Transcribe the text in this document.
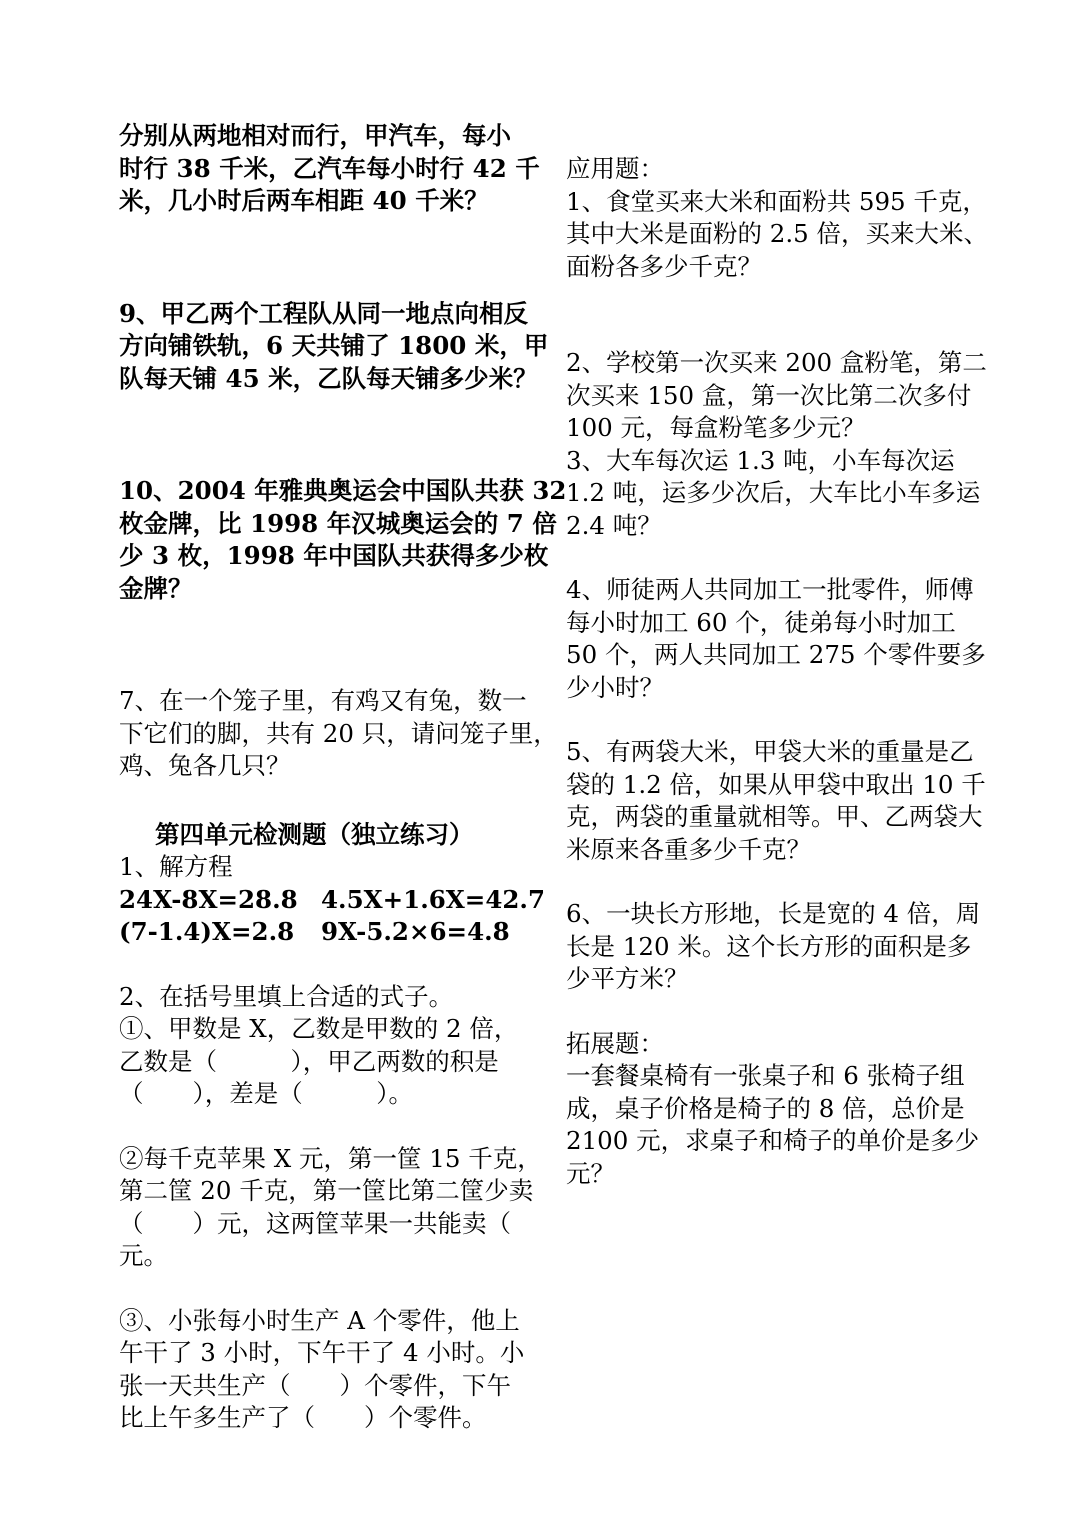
分别从两地相对而行，甲汽车，每小
时行 38 千米，乙汽车每小时行 42 千
米，几小时后两车相距 40 千米？
9、甲乙两个工程队从同一地点向相反
方向铺铁轨，6 天共铺了 1800 米，甲
队每天铺 45 米，乙队每天铺多少米？
10、2004 年雅典奥运会中国队共获 32
枚金牌，比 1998 年汉城奥运会的 7 倍
少 3 枚，1998 年中国队共获得多少枚
金牌？
7、在一个笼子里，有鸡又有兔，数一
下它们的脚，共有 20 只，请问笼子里，
鸡、兔各几只？
第四单元检测题（独立练习）
1、解方程
24X-8X=28.8 4.5X+1.6X=42.7
(7-1.4)X=2.8 9X-5.2×6=4.8
2、在括号里填上合适的式子。
①、甲数是 X，乙数是甲数的 2 倍，
乙数是（　　　），甲乙两数的积是
（　　），差是（　　　）。
②每千克苹果 X 元，第一筐 15 千克，
第二筐 20 千克，第一筐比第二筐少卖
（　　）元，这两筐苹果一共能卖（
元。
③、小张每小时生产 A 个零件，他上
午干了 3 小时，下午干了 4 小时。小
张一天共生产（　　）个零件，下午
比上午多生产了（　　）个零件。
应用题：
1、食堂买来大米和面粉共 595 千克，
其中大米是面粉的 2.5 倍，买来大米、
面粉各多少千克？
2、学校第一次买来 200 盒粉笔，第二
次买来 150 盒，第一次比第二次多付
100 元，每盒粉笔多少元？
3、大车每次运 1.3 吨，小车每次运
1.2 吨，运多少次后，大车比小车多运
2.4 吨？
4、师徒两人共同加工一批零件，师傅
每小时加工 60 个，徒弟每小时加工
50 个，两人共同加工 275 个零件要多
少小时？
5、有两袋大米，甲袋大米的重量是乙
袋的 1.2 倍，如果从甲袋中取出 10 千
克，两袋的重量就相等。甲、乙两袋大
米原来各重多少千克？
6、一块长方形地，长是宽的 4 倍，周
长是 120 米。这个长方形的面积是多
少平方米？
拓展题：
一套餐桌椅有一张桌子和 6 张椅子组
成，桌子价格是椅子的 8 倍，总价是
2100 元，求桌子和椅子的单价是多少
元？
